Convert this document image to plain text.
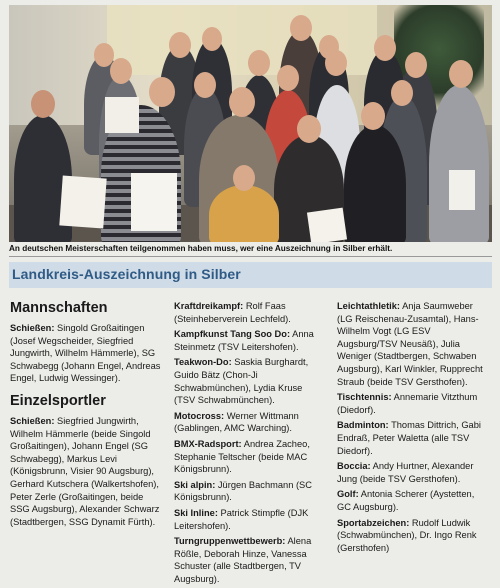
An deutschen Meisterschaften teilgenommen haben muss, wer eine Auszeichnung in Silber erhält.
Landkreis-Auszeichnung in Silber
Mannschaften

Schießen: Singold Großaitingen (Josef Wegscheider, Siegfried Jungwirth, Wilhelm Hämmerle), SG Schwabegg (Johann Engel, Andreas Engel, Ludwig Wessinger).

Einzelsportler

Schießen: Siegfried Jungwirth, Wilhelm Hämmerle (beide Singold Großaitingen), Johann Engel (SG Schwabegg), Markus Levi (Königsbrunn, Visier 90 Augsburg), Gerhard Kutschera (Walkertshofen), Peter Zerle (Großaitingen, beide SSG Augsburg), Alexander Schwarz (Stadtbergen, SSG Dynamit Fürth).

Kraftdreikampf: Rolf Faas (Steinheberverein Lechfeld).

Kampfkunst Tang Soo Do: Anna Steinmetz (TSV Leitershofen).

Teakwon-Do: Saskia Burghardt, Guido Bätz (Chon-Ji Schwabmünchen), Lydia Kruse (TSV Schwabmünchen).

Motocross: Werner Wittmann (Gablingen, AMC Warching).

BMX-Radsport: Andrea Zacheo, Stephanie Teltscher (beide MAC Königsbrunn).

Ski alpin: Jürgen Bachmann (SC Königsbrunn).

Ski Inline: Patrick Stimpfle (DJK Leitershofen).

Turngruppenwettbewerb: Alena Rößle, Deborah Hinze, Vanessa Schuster (alle Stadtbergen, TV Augsburg).

Leichtathletik: Anja Saumweber (LG Reischenau-Zusamtal), Hans-Wilhelm Vogt (LG ESV Augsburg/TSV Neusäß), Julia Weniger (Stadtbergen, Schwaben Augsburg), Karl Winkler, Rupprecht Straub (beide TSV Gersthofen).

Tischtennis: Annemarie Vitzthum (Diedorf).

Badminton: Thomas Dittrich, Gabi Endraß, Peter Waletta (alle TSV Diedorf).

Boccia: Andy Hurtner, Alexander Jung (beide TSV Gersthofen).

Golf: Antonia Scherer (Aystetten, GC Augsburg).

Sportabzeichen: Rudolf Ludwik (Schwabmünchen), Dr. Ingo Renk (Gersthofen)
